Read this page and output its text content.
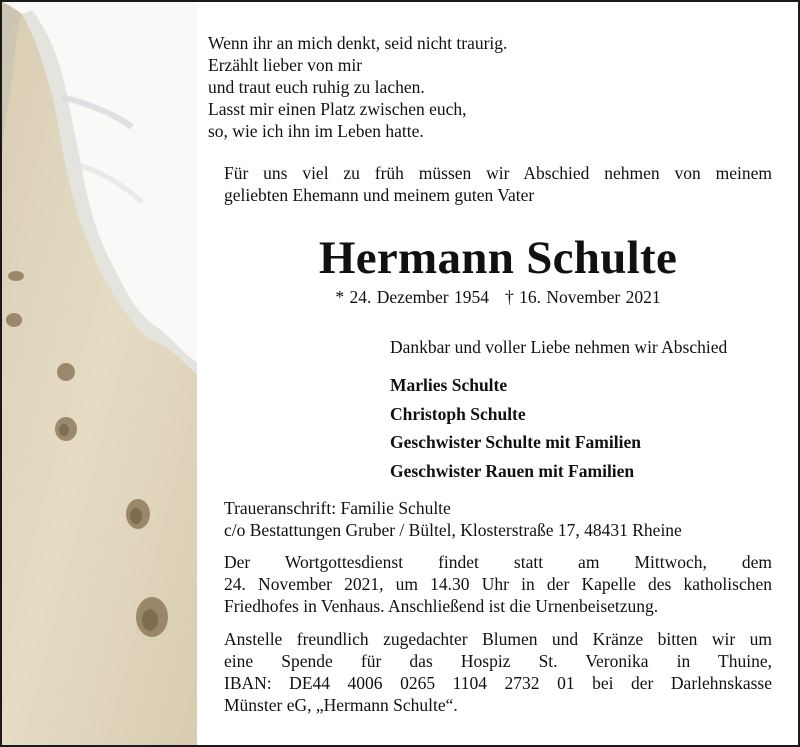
Wenn ihr an mich denkt, seid nicht traurig.
Erzählt lieber von mir
und traut euch ruhig zu lachen.
Lasst mir einen Platz zwischen euch,
so, wie ich ihn im Leben hatte.
Für uns viel zu früh müssen wir Abschied nehmen von meinem
geliebten Ehemann und meinem guten Vater
Hermann Schulte
* 24. Dezember 1954 † 16. November 2021
Dankbar und voller Liebe nehmen wir Abschied
Marlies Schulte
Christoph Schulte
Geschwister Schulte mit Familien
Geschwister Rauen mit Familien
Traueranschrift: Familie Schulte
c/o Bestattungen Gruber / Bültel, Klosterstraße 17, 48431 Rheine
Der Wortgottesdienst findet statt am Mittwoch, dem
24. November 2021, um 14.30 Uhr in der Kapelle des katholischen
Friedhofes in Venhaus. Anschließend ist die Urnenbeisetzung.
Anstelle freundlich zugedachter Blumen und Kränze bitten wir um
eine Spende für das Hospiz St. Veronika in Thuine,
IBAN: DE44 4006 0265 1104 2732 01 bei der Darlehnskasse
Münster eG, „Hermann Schulte“.
